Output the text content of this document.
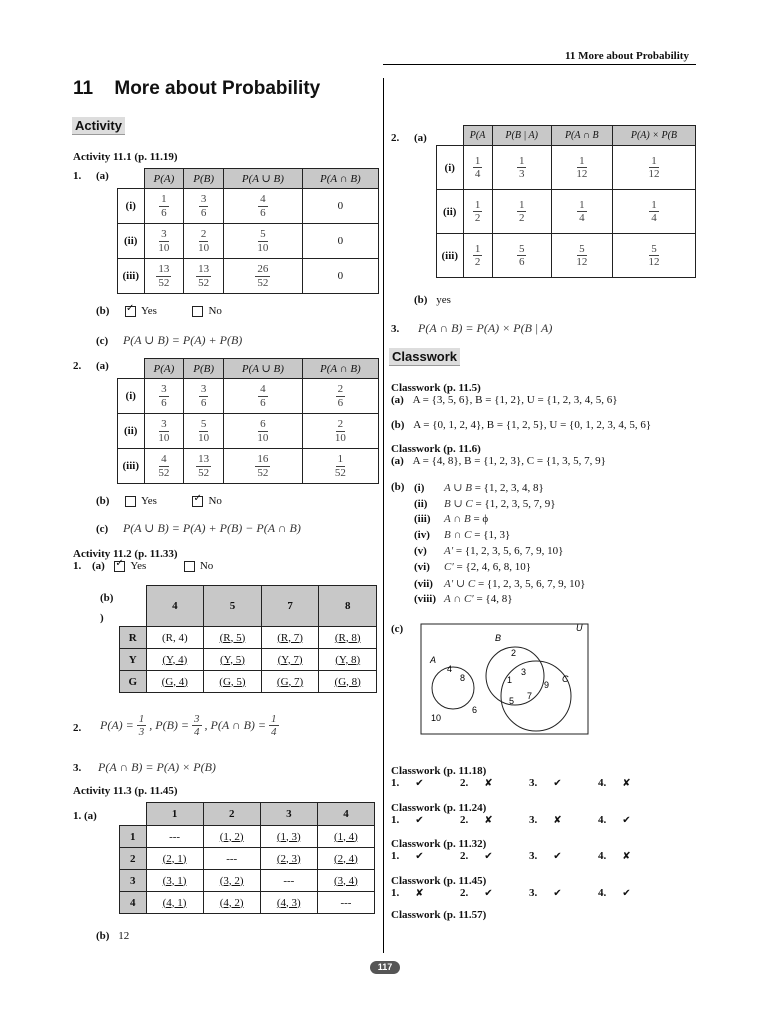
11 More about Probability
11 More about Probability
Activity
Activity 11.1 (p. 11.19)
1. (a)
		P(A)	P(B)	P(A ∪ B)	P(A ∩ B)
(i)	$\frac{1}{6}$	$\frac{3}{6}$	$\frac{4}{6}$	0
(ii)	$\frac{3}{10}$	$\frac{2}{10}$	$\frac{5}{10}$	0
(iii)	$\frac{13}{52}$	$\frac{13}{52}$	$\frac{26}{52}$	0
(b) ✓	Yes	No
(c) P(A ∪ B) = P(A) + P(B)
2. (a)
		P(A)	P(B)	P(A ∪ B)	P(A ∩ B)
(i)	$\frac{3}{6}$	$\frac{3}{6}$	$\frac{4}{6}$	$\frac{2}{6}$

(ii)	$\frac{3}{10}$	$\frac{5}{10}$	$\frac{6}{10}$	$\frac{2}{10}$

(iii)	$\frac{4}{52}$	$\frac{13}{52}$	$\frac{16}{52}$	$\frac{1}{52}$
(b)	Yes ✓	No
(c) P(A ∪ B) = P(A) + P(B) − P(A ∩ B)
Activity 11.2 (p. 11.33)
1. (a) ✓ Yes	No
(b)
)
	4	5	7	8
R	(R, 4)	(R, 5)	(R, 7)	(R, 8)
Y	(Y, 4)	(Y, 5)	(Y, 7)	(Y, 8)
G	(G, 4)	(G, 5)	(G, 7)	(G, 8)
2. $P(A) = \frac{1}{3}$ , $P(B) = \frac{3}{4}$ , P(A ∩ $B) = \frac{1}{4}$
3. P(A ∩ B) = P(A) × P(B)
Activity 11.3 (p. 11.45)
1. (a)
		1	2	3	4
1	---	(1, 2)	(1, 3)	(1, 4)
2	(2, 1)	---	(2, 3)	(2, 4)
3	(3, 1)	(3, 2)	---	(3, 4)
4	(4, 1)	(4, 2)	(4, 3)	---
(b) 12
2. (a)
		P(A	P(B | A)	P(A ∩ B	P(A) × P(B
(i)	$\frac{1}{4}$	$\frac{1}{3}$	$\frac{1}{12}$	$\frac{1}{12}$

(ii)	$\frac{1}{2}$	$\frac{1}{2}$	$\frac{1}{4}$	$\frac{1}{4}$

(iii)	$\frac{1}{2}$	$\frac{5}{6}$	$\frac{5}{12}$	$\frac{5}{12}$
(b) yes
3. P(A ∩ B) = P(A) × P(B | A)
Classwork
Classwork (p. 11.5)
(a) A = {3, 5, 6}, B = {1, 2}, U = {1, 2, 3, 4, 5, 6}
(b) A = {0, 1, 2, 4}, B = {1, 2, 5}, U = {0, 1, 2, 3, 4, 5, 6}
Classwork (p. 11.6)
(a) A = {4, 8}, B = {1, 2, 3}, C = {1, 3, 5, 7, 9}
(b) (i) A ∪ B = {1, 2, 3, 4, 8}
(ii) B ∪ C = {1, 2, 3, 5, 7, 9}
(iii) A ∩ B = ϕ
(iv) B ∩ C = {1, 3}
(v) A′ = {1, 2, 3, 5, 6, 7, 9, 10}
(vi) C′ = {2, 4, 6, 8, 10}
(vii) A′ ∪ C = {1, 2, 3, 5, 6, 7, 9, 10}
(viii) A ∩ C′ = {4, 8}
(c)	U
A
B
C
4
8
2
3
1	9
5 7
10
6
Classwork (p. 11.18)
1. ✔	2. ✘	3. ✔	4. ✘
Classwork (p. 11.24)
1. ✔	2. ✘	3. ✘	4. ✔
Classwork (p. 11.32)
1. ✔	2. ✔	3. ✔	4. ✘
Classwork (p. 11.45)
1. ✘	2. ✔	3. ✔	4. ✔
Classwork (p. 11.57)
117
